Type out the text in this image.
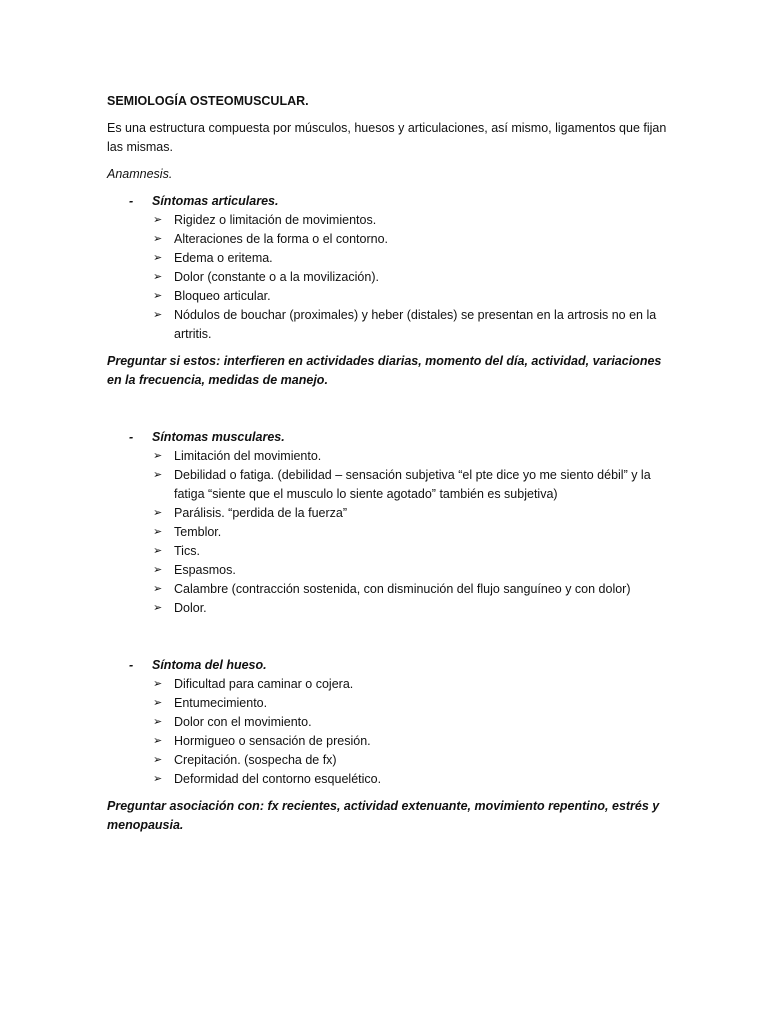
SEMIOLOGÍA OSTEOMUSCULAR.

Es una estructura compuesta por músculos, huesos y articulaciones, así mismo, ligamentos que fijan las mismas.

Anamnesis.

- Síntomas articulares.
➢ Rigidez o limitación de movimientos.
➢ Alteraciones de la forma o el contorno.
➢ Edema o eritema.
➢ Dolor (constante o a la movilización).
➢ Bloqueo articular.
➢ Nódulos de bouchar (proximales) y heber (distales) se presentan en la artrosis no en la artritis.

Preguntar si estos: interfieren en actividades diarias, momento del día, actividad, variaciones en la frecuencia, medidas de manejo.

- Síntomas musculares.
➢ Limitación del movimiento.
➢ Debilidad o fatiga. (debilidad – sensación subjetiva “el pte dice yo me siento débil” y la fatiga “siente que el musculo lo siente agotado” también es subjetiva)
➢ Parálisis. “perdida de la fuerza”
➢ Temblor.
➢ Tics.
➢ Espasmos.
➢ Calambre (contracción sostenida, con disminución del flujo sanguíneo y con dolor)
➢ Dolor.
- Síntoma del hueso.
➢ Dificultad para caminar o cojera.
➢ Entumecimiento.
➢ Dolor con el movimiento.
➢ Hormigueo o sensación de presión.
➢ Crepitación. (sospecha de fx)
➢ Deformidad del contorno esquelético.

Preguntar asociación con: fx recientes, actividad extenuante, movimiento repentino, estrés y menopausia.
